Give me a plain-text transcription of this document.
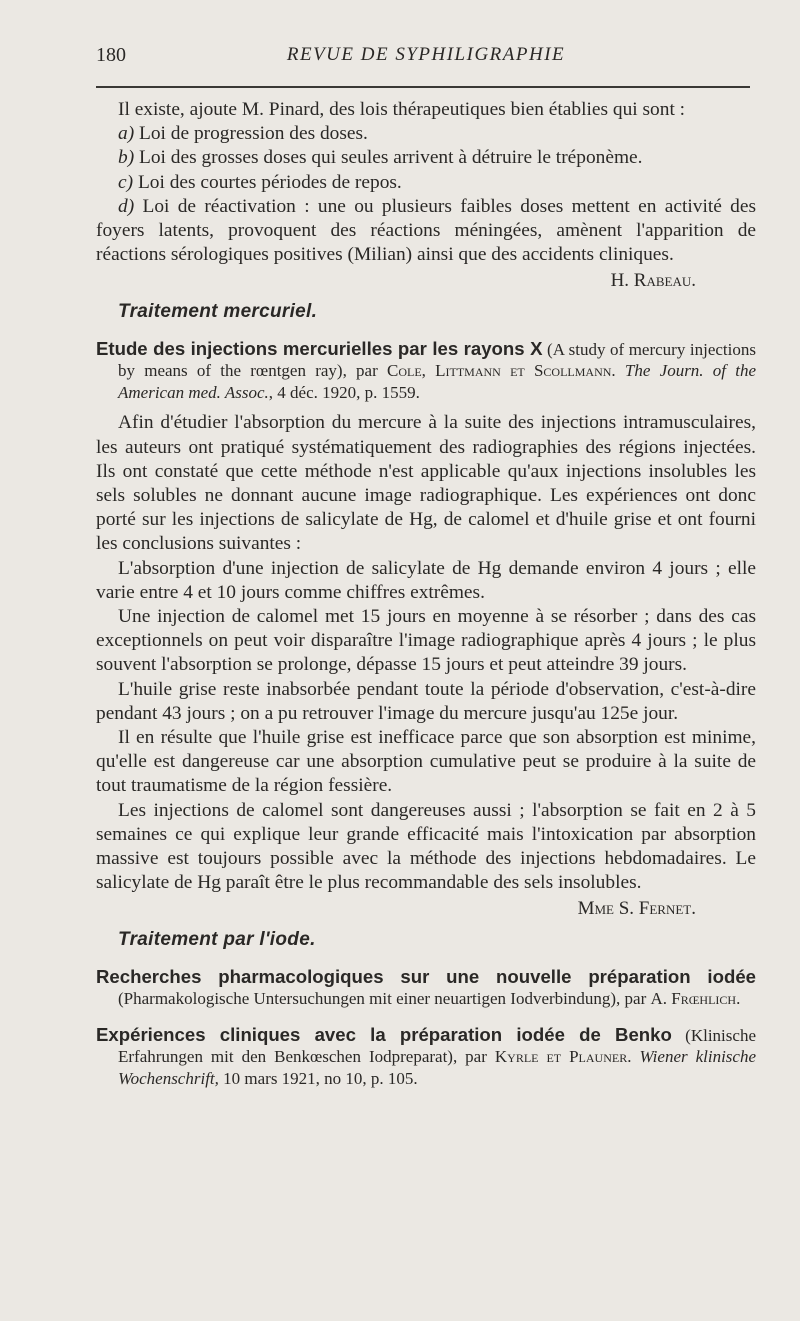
180	REVUE DE SYPHILIGRAPHIE

Il existe, ajoute M. Pinard, des lois thérapeutiques bien établies qui sont :

a) Loi de progression des doses.

b) Loi des grosses doses qui seules arrivent à détruire le tréponème.

c) Loi des courtes périodes de repos.

d) Loi de réactivation : une ou plusieurs faibles doses mettent en activité des foyers latents, provoquent des réactions méningées, amènent l'apparition de réactions sérologiques positives (Milian) ainsi que des accidents cliniques.

H. Rabeau.

Traitement mercuriel.

Etude des injections mercurielles par les rayons X (A study of mercury injections by means of the rœntgen ray), par Cole, Littmann et Scollmann. The Journ. of the American med. Assoc., 4 déc. 1920, p. 1559.

Afin d'étudier l'absorption du mercure à la suite des injections intramusculaires, les auteurs ont pratiqué systématiquement des radiographies des régions injectées. Ils ont constaté que cette méthode n'est applicable qu'aux injections insolubles les sels solubles ne donnant aucune image radiographique. Les expériences ont donc porté sur les injections de salicylate de Hg, de calomel et d'huile grise et ont fourni les conclusions suivantes :

L'absorption d'une injection de salicylate de Hg demande environ 4 jours ; elle varie entre 4 et 10 jours comme chiffres extrêmes.

Une injection de calomel met 15 jours en moyenne à se résorber ; dans des cas exceptionnels on peut voir disparaître l'image radiographique après 4 jours ; le plus souvent l'absorption se prolonge, dépasse 15 jours et peut atteindre 39 jours.

L'huile grise reste inabsorbée pendant toute la période d'observation, c'est-à-dire pendant 43 jours ; on a pu retrouver l'image du mercure jusqu'au 125e jour.

Il en résulte que l'huile grise est inefficace parce que son absorption est minime, qu'elle est dangereuse car une absorption cumulative peut se produire à la suite de tout traumatisme de la région fessière.

Les injections de calomel sont dangereuses aussi ; l'absorption se fait en 2 à 5 semaines ce qui explique leur grande efficacité mais l'intoxication par absorption massive est toujours possible avec la méthode des injections hebdomadaires. Le salicylate de Hg paraît être le plus recommandable des sels insolubles.

Mme S. Fernet.

Traitement par l'iode.

Recherches pharmacologiques sur une nouvelle préparation iodée (Pharmakologische Untersuchungen mit einer neuartigen Iodverbindung), par A. Frœhlich.

Expériences cliniques avec la préparation iodée de Benko (Klinische Erfahrungen mit den Benkœschen Iodpreparat), par Kyrle et Plauner. Wiener klinische Wochenschrift, 10 mars 1921, no 10, p. 105.
